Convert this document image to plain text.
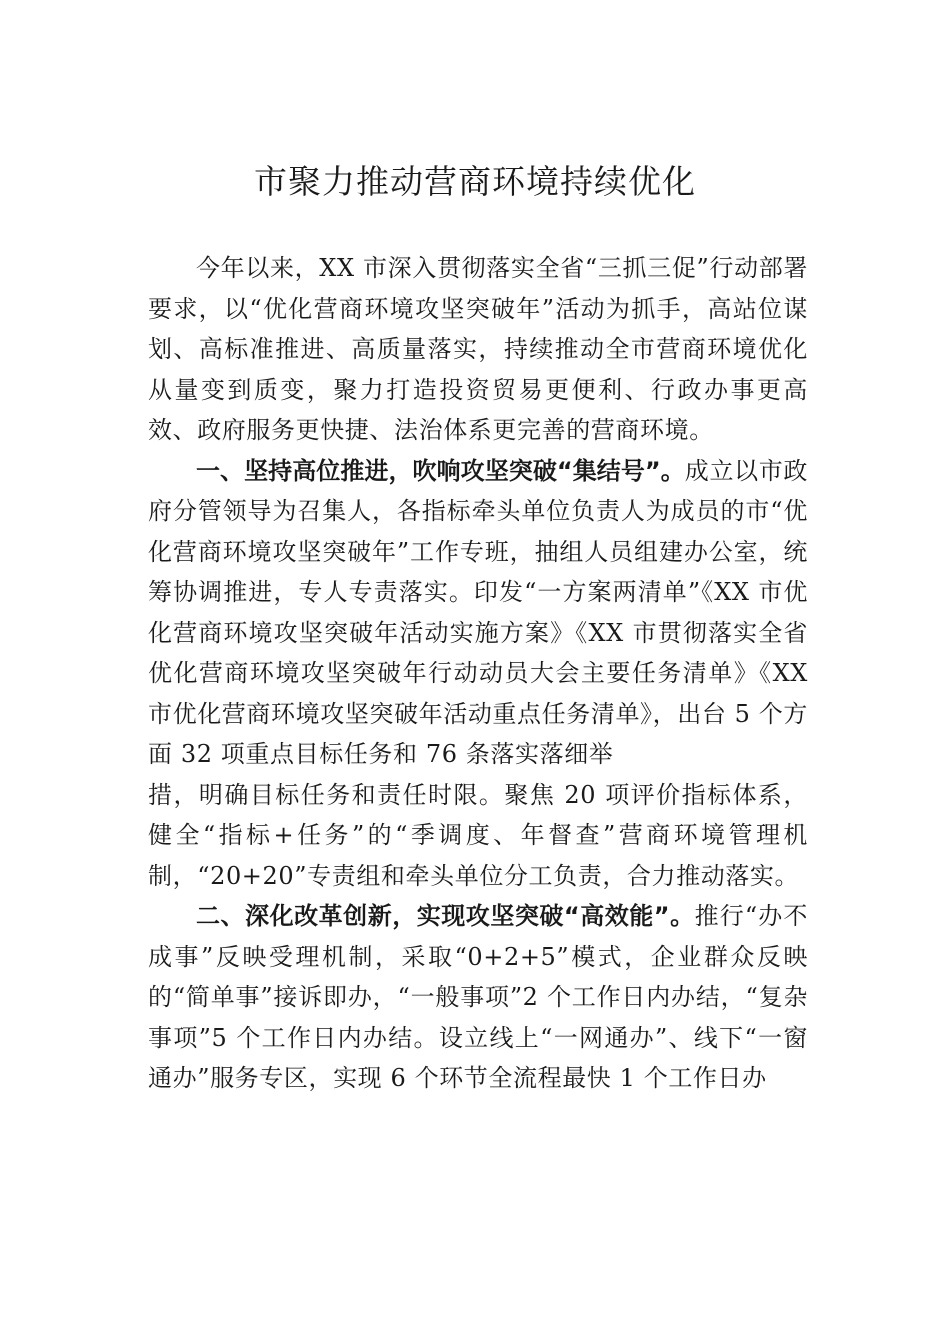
市聚力推动营商环境持续优化

今年以来，XX 市深入贯彻落实全省“三抓三促”行动部署要求，以“优化营商环境攻坚突破年”活动为抓手，高站位谋划、高标准推进、高质量落实，持续推动全市营商环境优化从量变到质变，聚力打造投资贸易更便利、行政办事更高效、政府服务更快捷、法治体系更完善的营商环境。

一、坚持高位推进，吹响攻坚突破“集结号”。成立以市政府分管领导为召集人，各指标牵头单位负责人为成员的市“优化营商环境攻坚突破年”工作专班，抽组人员组建办公室，统筹协调推进，专人专责落实。印发“一方案两清单”《XX 市优化营商环境攻坚突破年活动实施方案》《XX 市贯彻落实全省优化营商环境攻坚突破年行动动员大会主要任务清单》《XX 市优化营商环境攻坚突破年活动重点任务清单》，出台 5 个方面 32 项重点目标任务和 76 条落实落细举

措，明确目标任务和责任时限。聚焦 20 项评价指标体系，健全“指标+任务”的“季调度、年督查”营商环境管理机制，“20+20”专责组和牵头单位分工负责，合力推动落实。

二、深化改革创新，实现攻坚突破“高效能”。推行“办不成事”反映受理机制，采取“0+2+5”模式，企业群众反映的“简单事”接诉即办，“一般事项”2 个工作日内办结，“复杂事项”5 个工作日内办结。设立线上“一网通办”、线下“一窗通办”服务专区，实现 6 个环节全流程最快 1 个工作日办
